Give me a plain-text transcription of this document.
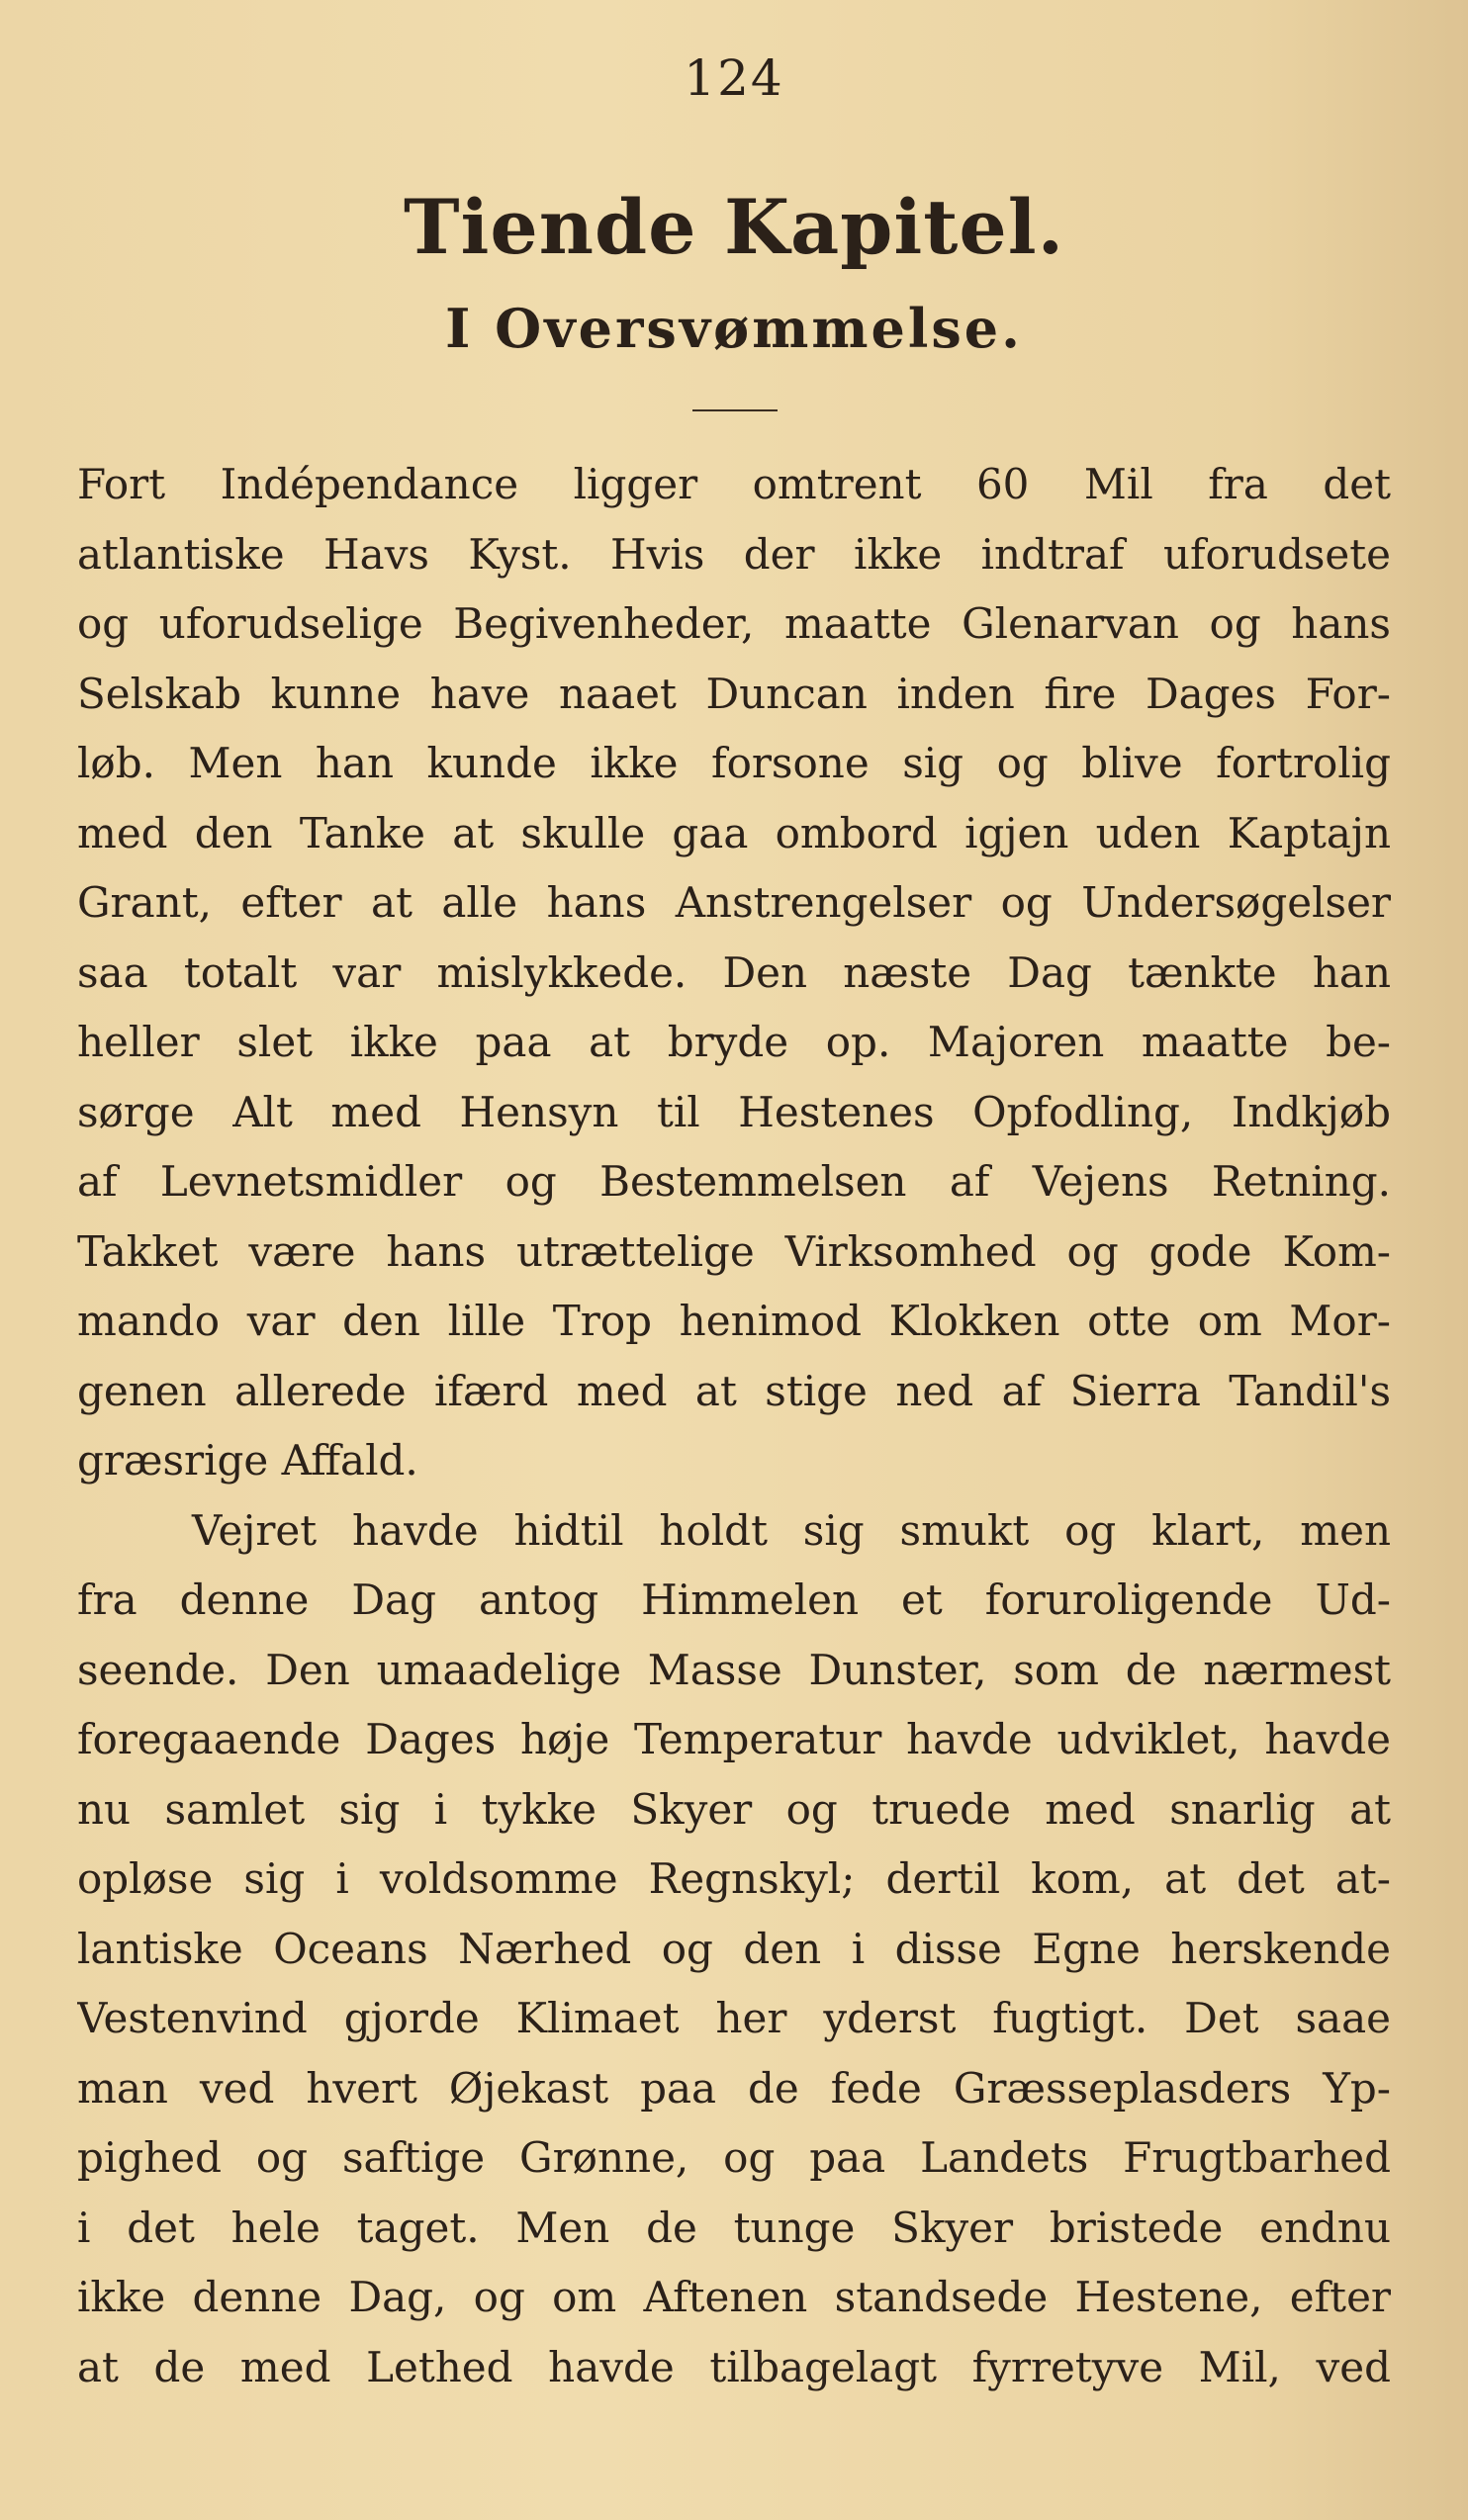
124
Tiende Kapitel.
I Oversvømmelse.
Fort Indépendance ligger omtrent 60 Mil fra det
atlantiske Havs Kyst. Hvis der ikke indtraf uforudsete
og uforudselige Begivenheder, maatte Glenarvan og hans
Selskab kunne have naaet Duncan inden fire Dages For-
løb. Men han kunde ikke forsone sig og blive fortrolig
med den Tanke at skulle gaa ombord igjen uden Kaptajn
Grant, efter at alle hans Anstrengelser og Undersøgelser
saa totalt var mislykkede. Den næste Dag tænkte han
heller slet ikke paa at bryde op. Majoren maatte be-
sørge Alt med Hensyn til Hestenes Opfodling, Indkjøb
af Levnetsmidler og Bestemmelsen af Vejens Retning.
Takket være hans utrættelige Virksomhed og gode Kom-
mando var den lille Trop henimod Klokken otte om Mor-
genen allerede ifærd med at stige ned af Sierra Tandil's
græsrige Affald.
Vejret havde hidtil holdt sig smukt og klart, men
fra denne Dag antog Himmelen et foruroligende Ud-
seende. Den umaadelige Masse Dunster, som de nærmest
foregaaende Dages høje Temperatur havde udviklet, havde
nu samlet sig i tykke Skyer og truede med snarlig at
opløse sig i voldsomme Regnskyl; dertil kom, at det at-
lantiske Oceans Nærhed og den i disse Egne herskende
Vestenvind gjorde Klimaet her yderst fugtigt. Det saae
man ved hvert Øjekast paa de fede Græsseplasders Yp-
pighed og saftige Grønne, og paa Landets Frugtbarhed
i det hele taget. Men de tunge Skyer bristede endnu
ikke denne Dag, og om Aftenen standsede Hestene, efter
at de med Lethed havde tilbagelagt fyrretyve Mil, ved
